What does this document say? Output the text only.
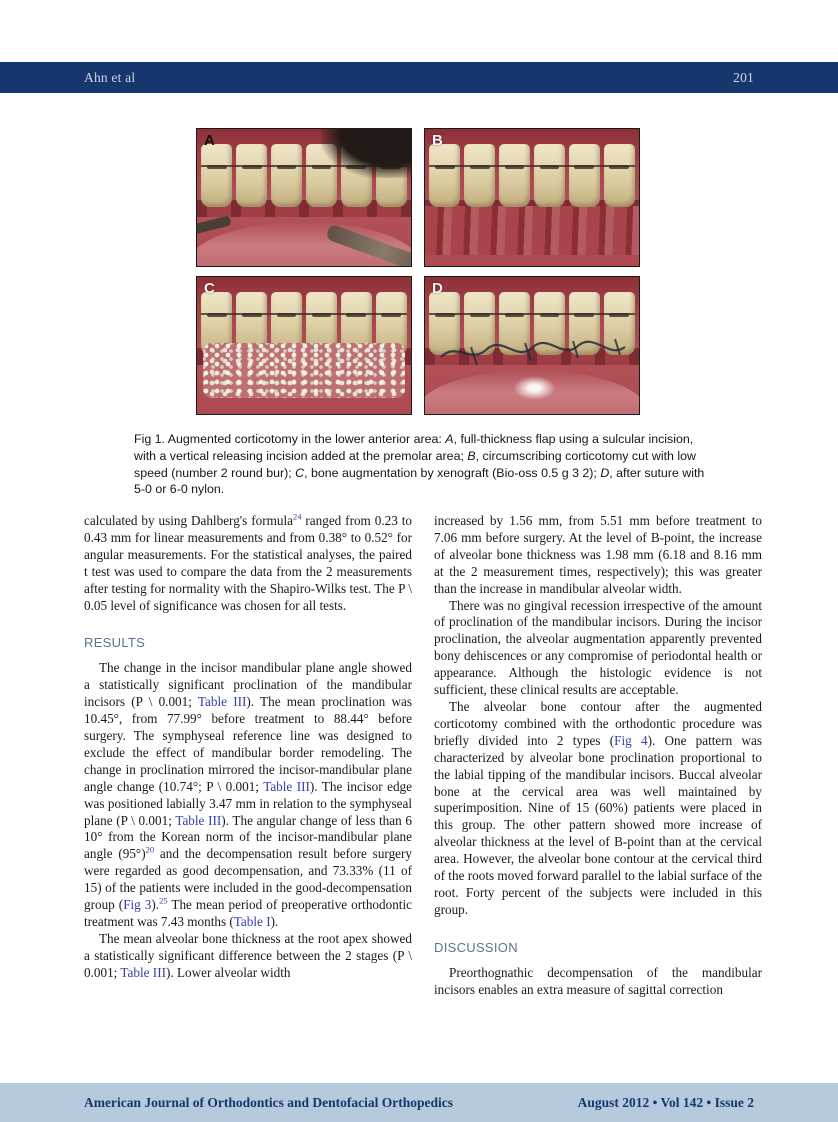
Ahn et al	201
A	B
C	D
Fig 1. Augmented corticotomy in the lower anterior area: A, full-thickness flap using a sulcular incision, with a vertical releasing incision added at the premolar area; B, circumscribing corticotomy cut with low speed (number 2 round bur); C, bone augmentation by xenograft (Bio-oss 0.5 g 3 2); D, after suture with 5-0 or 6-0 nylon.

calculated by using Dahlberg's formula$^{24}$ ranged from 0.23 to 0.43 mm for linear measurements and from 0.38° to 0.52° for angular measurements. For the statistical analyses, the paired t test was used to compare the data from the 2 measurements after testing for normality with the Shapiro-Wilks test. The P \ 0.05 level of significance was chosen for all tests.

RESULTS

The change in the incisor mandibular plane angle showed a statistically significant proclination of the mandibular incisors (P \ 0.001; Table III). The mean proclination was 10.45°, from 77.99° before treatment to 88.44° before surgery. The symphyseal reference line was designed to exclude the effect of mandibular border remodeling. The change in proclination mirrored the incisor-mandibular plane angle change (10.74°; P \ 0.001; Table III). The incisor edge was positioned labially 3.47 mm in relation to the symphyseal plane (P \ 0.001; Table III). The angular change of less than 6 10° from the Korean norm of the incisor-mandibular plane angle (95°)$^{20}$ and the decompensation result before surgery were regarded as good decompensation, and 73.33% (11 of 15) of the patients were included in the good-decompensation group (Fig 3).$^{25}$ The mean period of preoperative orthodontic treatment was 7.43 months (Table I).

The mean alveolar bone thickness at the root apex showed a statistically significant difference between the 2 stages (P \ 0.001; Table III). Lower alveolar width

increased by 1.56 mm, from 5.51 mm before treatment to 7.06 mm before surgery. At the level of B-point, the increase of alveolar bone thickness was 1.98 mm (6.18 and 8.16 mm at the 2 measurement times, respectively); this was greater than the increase in mandibular alveolar width.

There was no gingival recession irrespective of the amount of proclination of the mandibular incisors. During the incisor proclination, the alveolar augmentation apparently prevented bony dehiscences or any compromise of periodontal health or appearance. Although the histologic evidence is not sufficient, these clinical results are acceptable.

The alveolar bone contour after the augmented corticotomy combined with the orthodontic procedure was briefly divided into 2 types (Fig 4). One pattern was characterized by alveolar bone proclination proportional to the labial tipping of the mandibular incisors. Buccal alveolar bone at the cervical area was well maintained by superimposition. Nine of 15 (60%) patients were placed in this group. The other pattern showed more increase of alveolar thickness at the level of B-point than at the cervical area. However, the alveolar bone contour at the cervical third of the roots moved forward parallel to the labial surface of the root. Forty percent of the subjects were included in this group.

DISCUSSION

Preorthognathic decompensation of the mandibular incisors enables an extra measure of sagittal correction

American Journal of Orthodontics and Dentofacial Orthopedics	August 2012 • Vol 142 • Issue 2
